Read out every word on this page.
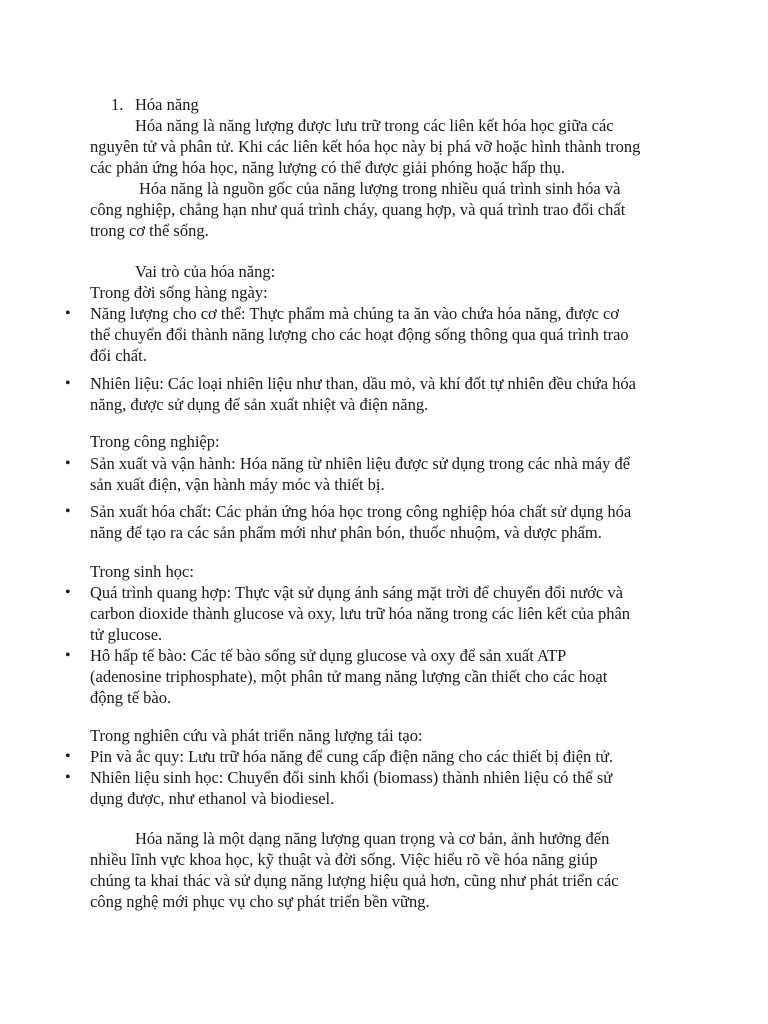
1. Hóa năng
Hóa năng là năng lượng được lưu trữ trong các liên kết hóa học giữa các
nguyên tử và phân tử. Khi các liên kết hóa học này bị phá vỡ hoặc hình thành trong
các phản ứng hóa học, năng lượng có thể được giải phóng hoặc hấp thụ.
Hóa năng là nguồn gốc của năng lượng trong nhiều quá trình sinh hóa và
công nghiệp, chẳng hạn như quá trình cháy, quang hợp, và quá trình trao đổi chất
trong cơ thể sống.
Vai trò của hóa năng:
Trong đời sống hàng ngày:
• Năng lượng cho cơ thể: Thực phẩm mà chúng ta ăn vào chứa hóa năng, được cơ
thể chuyển đổi thành năng lượng cho các hoạt động sống thông qua quá trình trao
đổi chất.
• Nhiên liệu: Các loại nhiên liệu như than, dầu mỏ, và khí đốt tự nhiên đều chứa hóa
năng, được sử dụng để sản xuất nhiệt và điện năng.
Trong công nghiệp:
• Sản xuất và vận hành: Hóa năng từ nhiên liệu được sử dụng trong các nhà máy để
sản xuất điện, vận hành máy móc và thiết bị.
• Sản xuất hóa chất: Các phản ứng hóa học trong công nghiệp hóa chất sử dụng hóa
năng để tạo ra các sản phẩm mới như phân bón, thuốc nhuộm, và dược phẩm.
Trong sinh học:
• Quá trình quang hợp: Thực vật sử dụng ánh sáng mặt trời để chuyển đổi nước và
carbon dioxide thành glucose và oxy, lưu trữ hóa năng trong các liên kết của phân
tử glucose.
• Hô hấp tế bào: Các tế bào sống sử dụng glucose và oxy để sản xuất ATP
(adenosine triphosphate), một phân tử mang năng lượng cần thiết cho các hoạt
động tế bào.
Trong nghiên cứu và phát triển năng lượng tái tạo:
• Pin và ắc quy: Lưu trữ hóa năng để cung cấp điện năng cho các thiết bị điện tử.
• Nhiên liệu sinh học: Chuyển đổi sinh khối (biomass) thành nhiên liệu có thể sử
dụng được, như ethanol và biodiesel.
Hóa năng là một dạng năng lượng quan trọng và cơ bản, ảnh hưởng đến
nhiều lĩnh vực khoa học, kỹ thuật và đời sống. Việc hiểu rõ về hóa năng giúp
chúng ta khai thác và sử dụng năng lượng hiệu quả hơn, cũng như phát triển các
công nghệ mới phục vụ cho sự phát triển bền vững.
